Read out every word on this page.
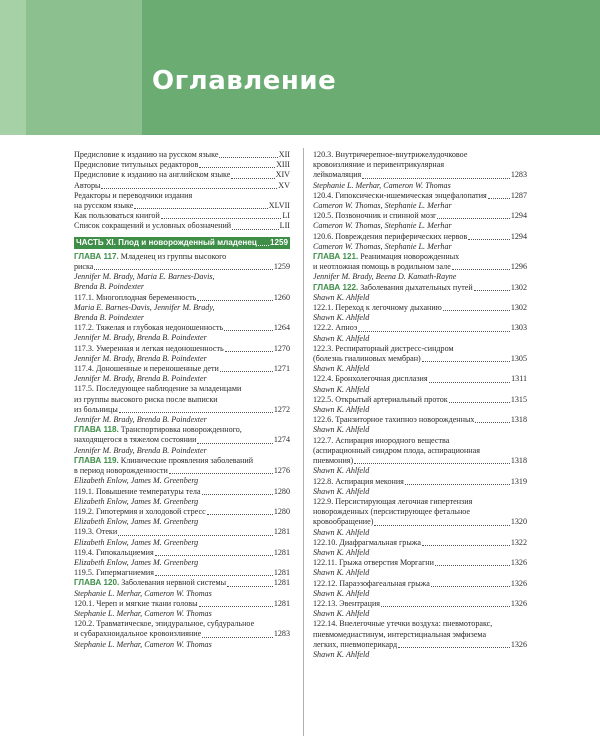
Оглавление
Предисловие к изданию на русском языке	XII
Предисловие титульных редакторов	XIII
Предисловие к изданию на английском языке	XIV
Авторы	XV
Редакторы и переводчики издания
на русском языке	XLVII
Как пользоваться книгой	LI
Список сокращений и условных обозначений	LII
ЧАСТЬ XI. Плод и новорожденный младенец 1259
ГЛАВА 117. Младенец из группы высокого
риска	1259
Jennifer M. Brady, Maria E. Barnes-Davis,
Brenda B. Poindexter
117.1. Многоплодная беременность	1260
Maria E. Barnes-Davis, Jennifer M. Brady,
Brenda B. Poindexter
117.2. Тяжелая и глубокая недоношенность	1264
Jennifer M. Brady, Brenda B. Poindexter
117.3. Умеренная и легкая недоношенность	1270
Jennifer M. Brady, Brenda B. Poindexter
117.4. Доношенные и переношенные дети	1271
Jennifer M. Brady, Brenda B. Poindexter
117.5. Последующее наблюдение за младенцами
из группы высокого риска после выписки
из больницы	1272
Jennifer M. Brady, Brenda B. Poindexter
ГЛАВА 118. Транспортировка новорожденного,
находящегося в тяжелом состоянии	1274
Jennifer M. Brady, Brenda B. Poindexter
ГЛАВА 119. Клинические проявления заболеваний
в период новорожденности	1276
Elizabeth Enlow, James M. Greenberg
119.1. Повышение температуры тела	1280
Elizabeth Enlow, James M. Greenberg
119.2. Гипотермия и холодовой стресс	1280
Elizabeth Enlow, James M. Greenberg
119.3. Отеки	1281
Elizabeth Enlow, James M. Greenberg
119.4. Гипокальциемия	1281
Elizabeth Enlow, James M. Greenberg
119.5. Гипермагниемия	1281
ГЛАВА 120. Заболевания нервной системы	1281
Stephanie L. Merhar, Cameron W. Thomas
120.1. Череп и мягкие ткани головы	1281
Stephanie L. Merhar, Cameron W. Thomas
120.2. Травматическое, эпидуральное, субдуральное
и субарахноидальное кровоизлияние	1283
Stephanie L. Merhar, Cameron W. Thomas
120.3. Внутричерепное-внутрижелудочковое
кровоизлияние и перивентрикулярная
лейкомаляция	1283
Stephanie L. Merhar, Cameron W. Thomas
120.4. Гипоксически-ишемическая энцефалопатия	1287
Cameron W. Thomas, Stephanie L. Merhar
120.5. Позвоночник и спинной мозг	1294
Cameron W. Thomas, Stephanie L. Merhar
120.6. Повреждения периферических нервов	1294
Cameron W. Thomas, Stephanie L. Merhar
ГЛАВА 121. Реанимация новорожденных
и неотложная помощь в родильном зале	1296
Jennifer M. Brady, Beena D. Kamath-Rayne
ГЛАВА 122. Заболевания дыхательных путей	1302
Shawn K. Ahlfeld
122.1. Переход к легочному дыханию	1302
Shawn K. Ahlfeld
122.2. Апноэ	1303
Shawn K. Ahlfeld
122.3. Респираторный дистресс-синдром
(болезнь гиалиновых мембран)	1305
Shawn K. Ahlfeld
122.4. Бронхолегочная дисплазия	1311
Shawn K. Ahlfeld
122.5. Открытый артериальный проток	1315
Shawn K. Ahlfeld
122.6. Транзиторное тахипноэ новорожденных	1318
Shawn K. Ahlfeld
122.7. Аспирация инородного вещества
(аспирационный синдром плода, аспирационная
пневмония)	1318
Shawn K. Ahlfeld
122.8. Аспирация мекония	1319
Shawn K. Ahlfeld
122.9. Персистирующая легочная гипертензия
новорожденных (персистирующее фетальное
кровообращение)	1320
Shawn K. Ahlfeld
122.10. Диафрагмальная грыжа	1322
Shawn K. Ahlfeld
122.11. Грыжа отверстия Моргагни	1326
Shawn K. Ahlfeld
122.12. Параэзофагеальная грыжа	1326
Shawn K. Ahlfeld
122.13. Эвентрация	1326
Shawn K. Ahlfeld
122.14. Внелегочные утечки воздуха: пневмоторакс,
пневмомедиастинум, интерстициальная эмфизема
легких, пневмоперикард	1326
Shawn K. Ahlfeld
